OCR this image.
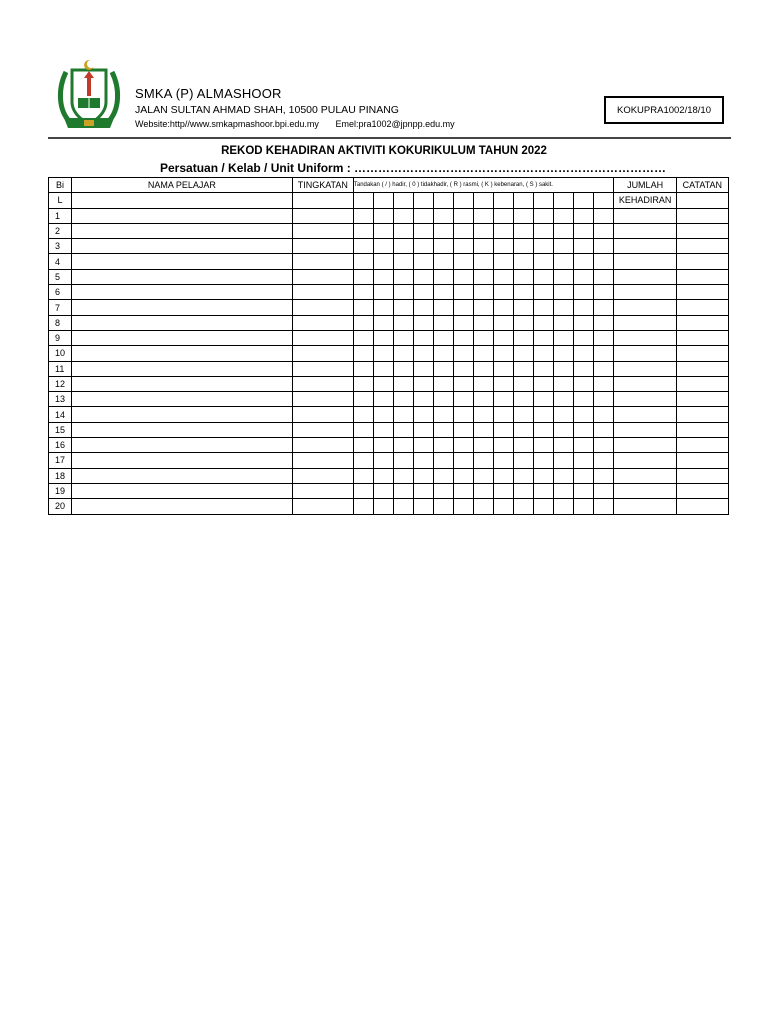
SMKA (P) ALMASHOOR
JALAN SULTAN AHMAD SHAH, 10500 PULAU PINANG
Website:http//www.smkapmashoor.bpi.edu.my Emel:pra1002@jpnpp.edu.my
KOKUPRA1002/18/10
REKOD KEHADIRAN AKTIVITI KOKURIKULUM TAHUN 2022
Persatuan / Kelab / Unit Uniform : ……………………………………………………………………
Bi	NAMA PELAJAR	TINGKATAN	Tandakan ( / ) hadir, ( 0 ) tidakhadir, ( R ) rasmi, ( K ) kebenaran, ( S ) sakit.													JUMLAH	CATATAN
L																KEHADIRAN	
1																	
2																	
3																	
4																	
5																	
6																	
7																	
8																	
9																	
10																	
11																	
12																	
13																	
14																	
15																	
16																	
17																	
18																	
19																	
20																	
